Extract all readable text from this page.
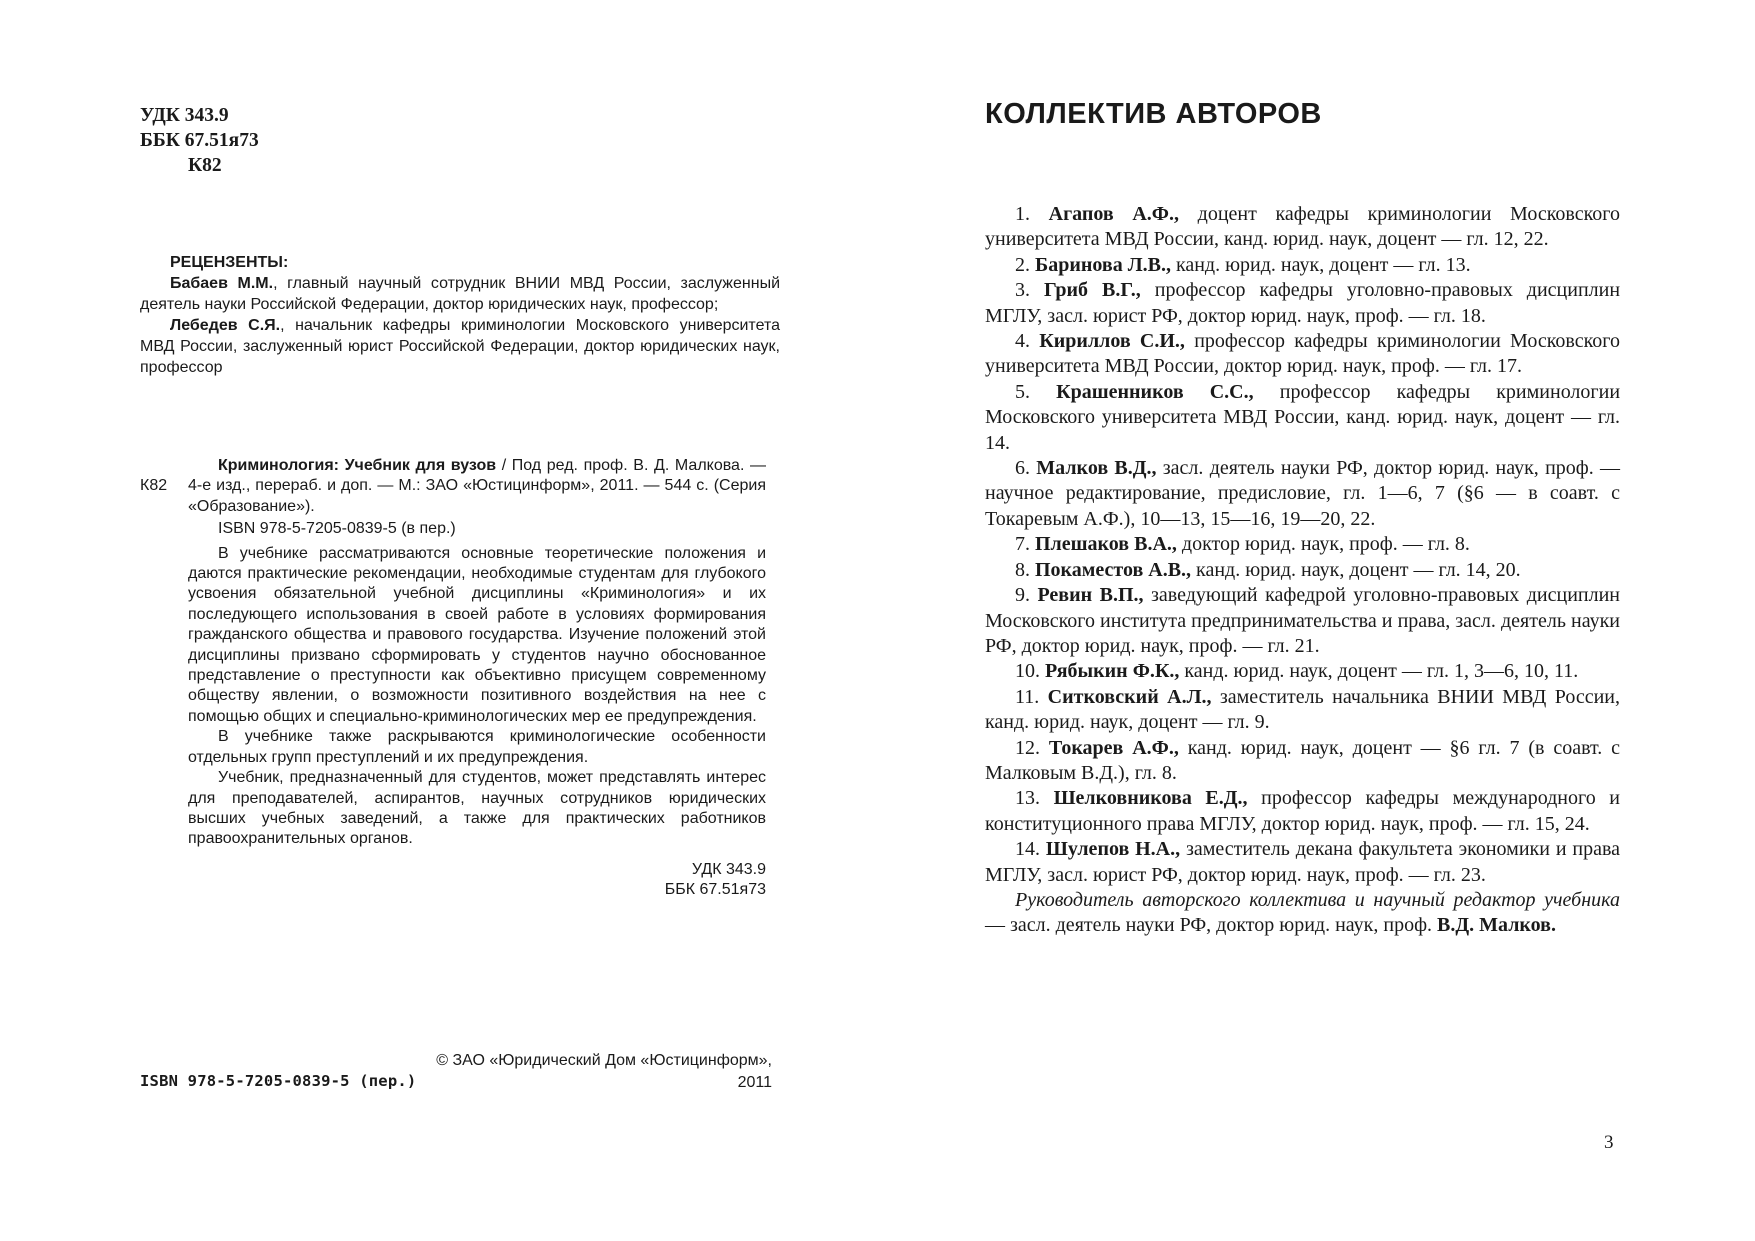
УДК 343.9
ББК 67.51я73
К82
РЕЦЕНЗЕНТЫ:

Бабаев М.М., главный научный сотрудник ВНИИ МВД России, заслуженный деятель науки Российской Федерации, доктор юридических наук, профессор;

Лебедев С.Я., начальник кафедры криминологии Московского университета МВД России, заслуженный юрист Российской Федерации, доктор юридических наук, профессор

К82

Криминология: Учебник для вузов / Под ред. проф. В. Д. Малкова. — 4-е изд., перераб. и доп. — М.: ЗАО «Юстицинформ», 2011. — 544 с. (Серия «Образование»).

ISBN 978-5-7205-0839-5 (в пер.)

В учебнике рассматриваются основные теоретические положения и даются практические рекомендации, необходимые студентам для глубокого усвоения обязательной учебной дисциплины «Криминология» и их последующего использования в своей работе в условиях формирования гражданского общества и правового государства. Изучение положений этой дисциплины призвано сформировать у студентов научно обоснованное представление о преступности как объективно присущем современному обществу явлении, о возможности позитивного воздействия на нее с помощью общих и специально-криминологических мер ее предупреждения.

В учебнике также раскрываются криминологические особенности отдельных групп преступлений и их предупреждения.

Учебник, предназначенный для студентов, может представлять интерес для преподавателей, аспирантов, научных сотрудников юридических высших учебных заведений, а также для практических работников правоохранительных органов.

УДК 343.9
ББК 67.51я73
ISBN 978-5-7205-0839-5 (пер.)
© ЗАО «Юридический Дом «Юстицинформ»,
2011
КОЛЛЕКТИВ АВТОРОВ

1. Агапов А.Ф., доцент кафедры криминологии Московского университета МВД России, канд. юрид. наук, доцент — гл. 12, 22.

2. Баринова Л.В., канд. юрид. наук, доцент — гл. 13.

3. Гриб В.Г., профессор кафедры уголовно-правовых дисциплин МГЛУ, засл. юрист РФ, доктор юрид. наук, проф. — гл. 18.

4. Кириллов С.И., профессор кафедры криминологии Московского университета МВД России, доктор юрид. наук, проф. — гл. 17.

5. Крашенников С.С., профессор кафедры криминологии Московского университета МВД России, канд. юрид. наук, доцент — гл. 14.

6. Малков В.Д., засл. деятель науки РФ, доктор юрид. наук, проф. — научное редактирование, предисловие, гл. 1—6, 7 (§6 — в соавт. с Токаревым А.Ф.), 10—13, 15—16, 19—20, 22.

7. Плешаков В.А., доктор юрид. наук, проф. — гл. 8.

8. Покаместов А.В., канд. юрид. наук, доцент — гл. 14, 20.

9. Ревин В.П., заведующий кафедрой уголовно-правовых дисциплин Московского института предпринимательства и права, засл. деятель науки РФ, доктор юрид. наук, проф. — гл. 21.

10. Рябыкин Ф.К., канд. юрид. наук, доцент — гл. 1, 3—6, 10, 11.

11. Ситковский А.Л., заместитель начальника ВНИИ МВД России, канд. юрид. наук, доцент — гл. 9.

12. Токарев А.Ф., канд. юрид. наук, доцент — §6 гл. 7 (в соавт. с Малковым В.Д.), гл. 8.

13. Шелковникова Е.Д., профессор кафедры международного и конституционного права МГЛУ, доктор юрид. наук, проф. — гл. 15, 24.

14. Шулепов Н.А., заместитель декана факультета экономики и права МГЛУ, засл. юрист РФ, доктор юрид. наук, проф. — гл. 23.

Руководитель авторского коллектива и научный редактор учебника — засл. деятель науки РФ, доктор юрид. наук, проф. В.Д. Малков.

3
